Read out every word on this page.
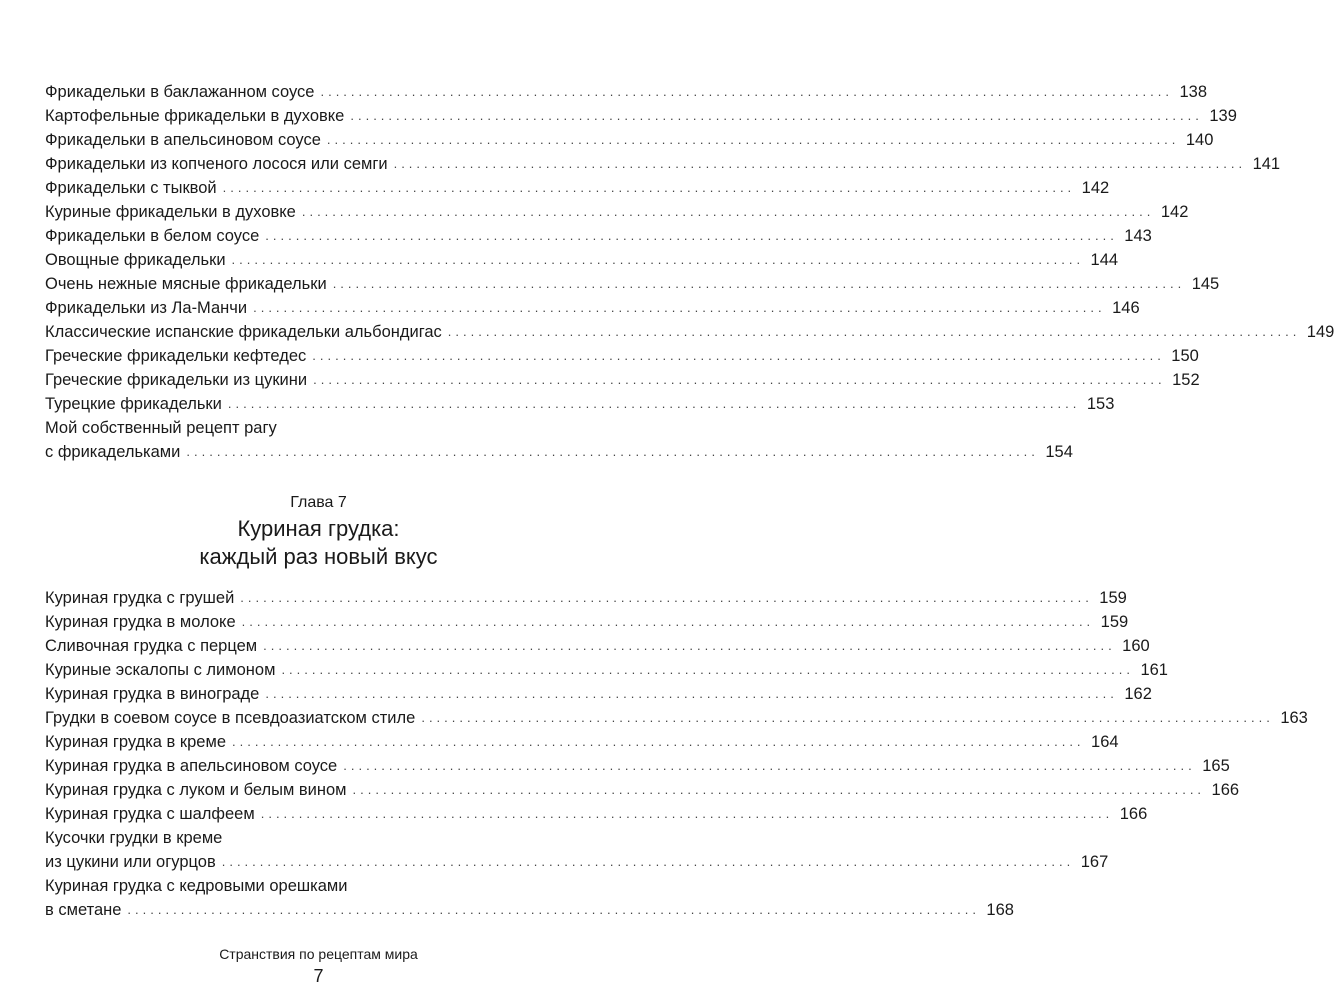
Фрикадельки в баклажанном соусе ................................................................................................................ 138
Картофельные фрикадельки в духовке ................................................................................................................ 139
Фрикадельки в апельсиновом соусе ................................................................................................................ 140
Фрикадельки из копченого лосося или семги ................................................................................................................ 141
Фрикадельки с тыквой ................................................................................................................ 142
Куриные фрикадельки в духовке ................................................................................................................ 142
Фрикадельки в белом соусе ................................................................................................................ 143
Овощные фрикадельки ................................................................................................................ 144
Очень нежные мясные фрикадельки ................................................................................................................ 145
Фрикадельки из Ла-Манчи ................................................................................................................ 146
Классические испанские фрикадельки альбондигас ................................................................................................................ 149
Греческие фрикадельки кефтедес ................................................................................................................ 150
Греческие фрикадельки из цукини ................................................................................................................ 152
Турецкие фрикадельки ................................................................................................................ 153
Мой собственный рецепт рагу
с фрикадельками ................................................................................................................ 154
Глава 7
Куриная грудка:
каждый раз новый вкус
Куриная грудка с грушей ................................................................................................................ 159
Куриная грудка в молоке ................................................................................................................ 159
Сливочная грудка с перцем ................................................................................................................ 160
Куриные эскалопы с лимоном ................................................................................................................ 161
Куриная грудка в винограде ................................................................................................................ 162
Грудки в соевом соусе в псевдоазиатском стиле ................................................................................................................ 163
Куриная грудка в креме ................................................................................................................ 164
Куриная грудка в апельсиновом соусе ................................................................................................................ 165
Куриная грудка с луком и белым вином ................................................................................................................ 166
Куриная грудка с шалфеем ................................................................................................................ 166
Кусочки грудки в креме
из цукини или огурцов ................................................................................................................ 167
Куриная грудка с кедровыми орешками
в сметане ................................................................................................................ 168
Странствия по рецептам мира
7
